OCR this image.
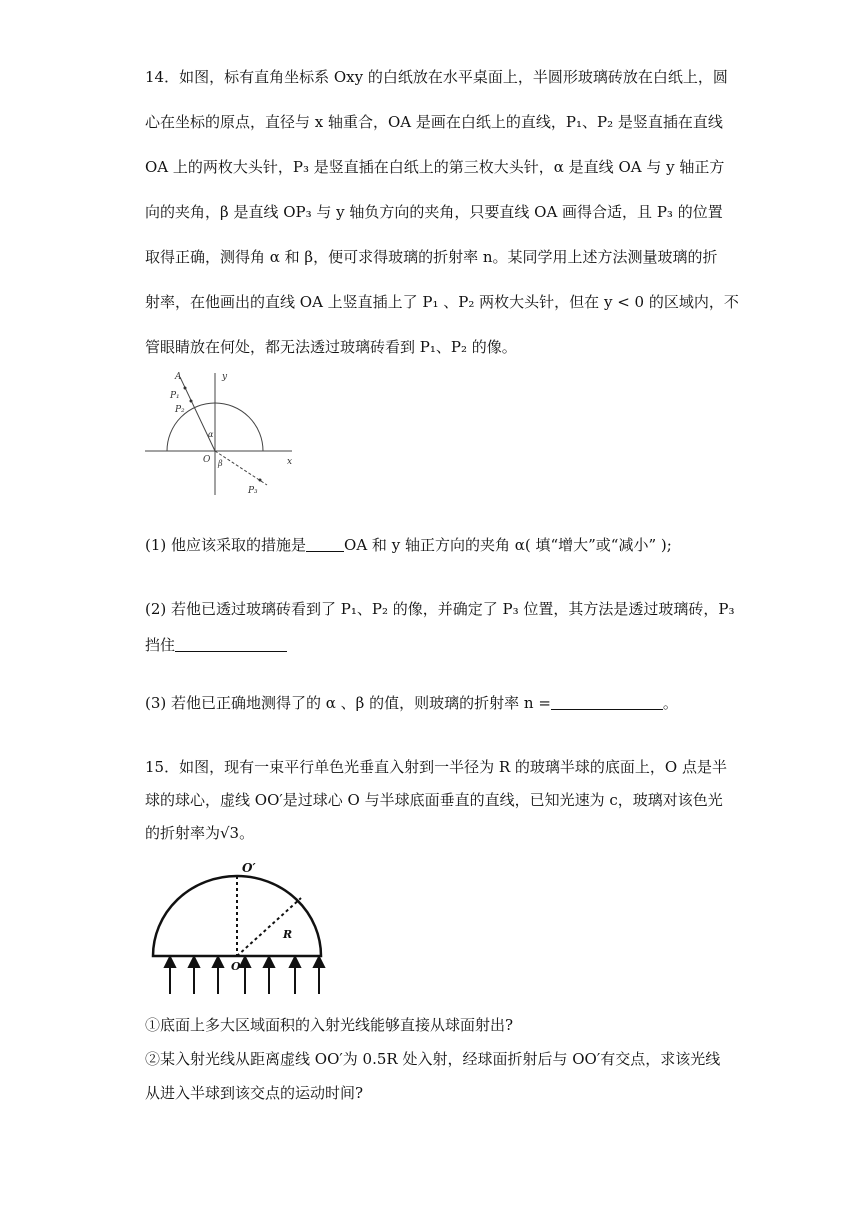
14．如图，标有直角坐标系 Oxy 的白纸放在水平桌面上，半圆形玻璃砖放在白纸上，圆
心在坐标的原点，直径与 x 轴重合，OA 是画在白纸上的直线，P₁、P₂ 是竖直插在直线
OA 上的两枚大头针，P₃ 是竖直插在白纸上的第三枚大头针，α 是直线 OA 与 y 轴正方
向的夹角，β 是直线 OP₃ 与 y 轴负方向的夹角，只要直线 OA 画得合适，且 P₃ 的位置
取得正确，测得角 α 和 β，便可求得玻璃的折射率 n。某同学用上述方法测量玻璃的折
射率，在他画出的直线 OA 上竖直插上了 P₁ 、P₂ 两枚大头针，但在 y < 0 的区域内，不
管眼睛放在何处，都无法透过玻璃砖看到 P₁、P₂ 的像。
A
P₁
P₂
y
α
O β	x
P₃
(1) 他应该采取的措施是	OA 和 y 轴正方向的夹角 α( 填“增大”或“减小” );
(2) 若他已透过玻璃砖看到了 P₁、P₂ 的像，并确定了 P₃ 位置，其方法是透过玻璃砖，P₃
挡住
(3) 若他已正确地测得了的 α 、β 的值，则玻璃的折射率 n =	。
15．如图，现有一束平行单色光垂直入射到一半径为 R 的玻璃半球的底面上，O 点是半
球的球心，虚线 OO′是过球心 O 与半球底面垂直的直线，已知光速为 c，玻璃对该色光
的折射率为√3。
O′
R
O
①底面上多大区域面积的入射光线能够直接从球面射出?
②某入射光线从距离虚线 OO′为 0.5R 处入射，经球面折射后与 OO′有交点，求该光线
从进入半球到该交点的运动时间?
